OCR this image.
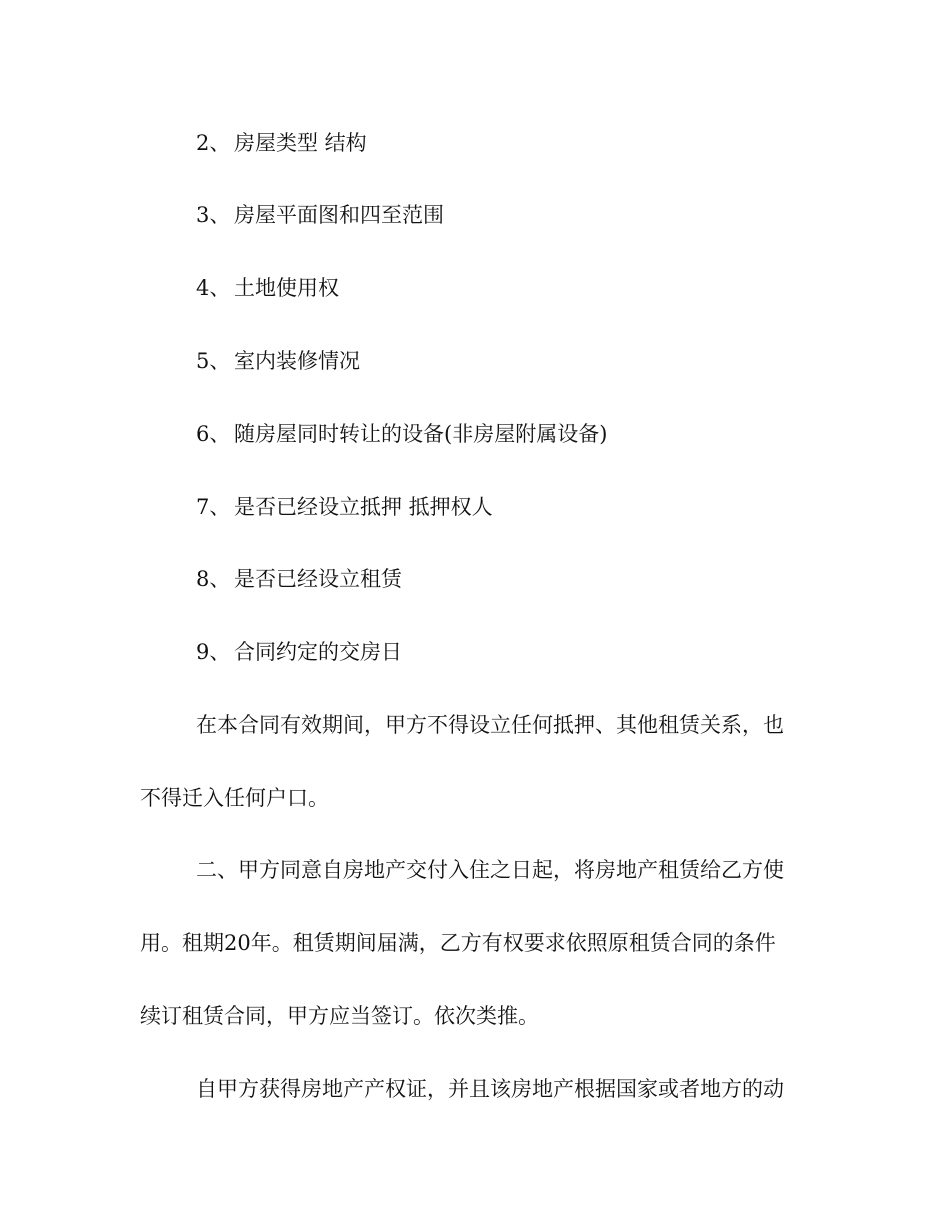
2、 房屋类型 结构
3、 房屋平面图和四至范围
4、 土地使用权
5、 室内装修情况
6、 随房屋同时转让的设备(非房屋附属设备)
7、 是否已经设立抵押 抵押权人
8、 是否已经设立租赁
9、 合同约定的交房日
在本合同有效期间，甲方不得设立任何抵押、其他租赁关系，也
不得迁入任何户口。
二、甲方同意自房地产交付入住之日起，将房地产租赁给乙方使
用。租期20年。租赁期间届满，乙方有权要求依照原租赁合同的条件
续订租赁合同，甲方应当签订。依次类推。
自甲方获得房地产产权证，并且该房地产根据国家或者地方的动
